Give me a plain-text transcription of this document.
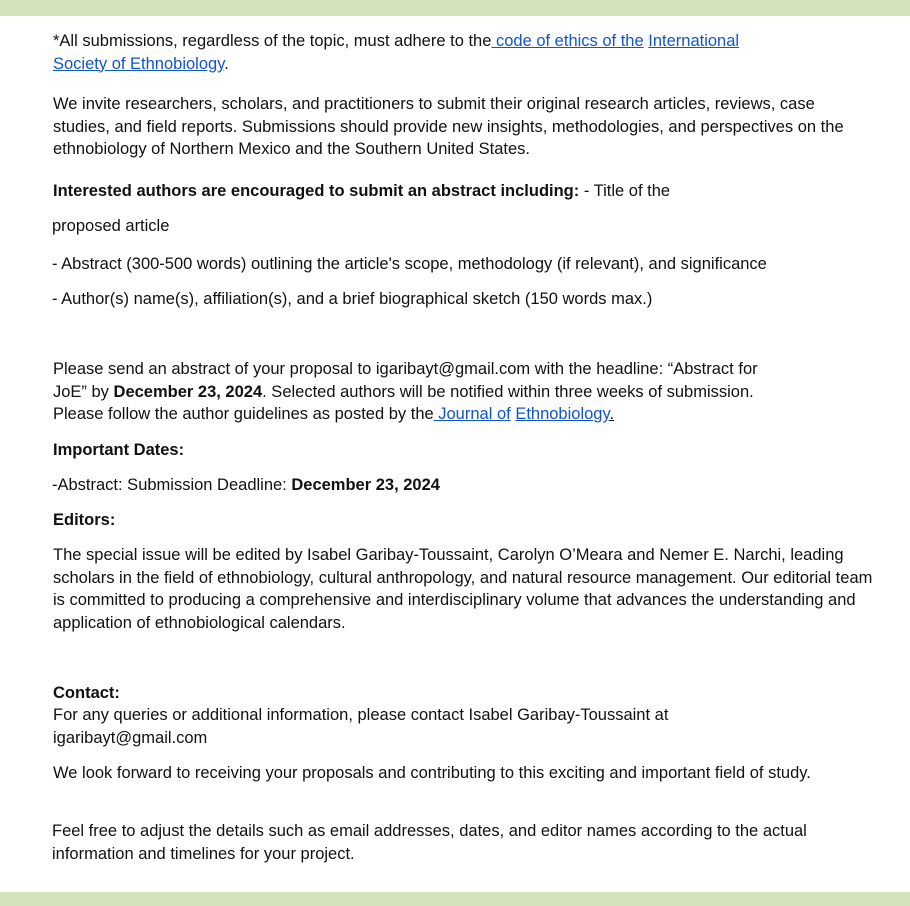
*All submissions, regardless of the topic, must adhere to the code of ethics of the International
Society of Ethnobiology.

We invite researchers, scholars, and practitioners to submit their original research articles, reviews, case studies, and field reports. Submissions should provide new insights, methodologies, and perspectives on the ethnobiology of Northern Mexico and the Southern United States.

Interested authors are encouraged to submit an abstract including: - Title of the

proposed article

- Abstract (300-500 words) outlining the article's scope, methodology (if relevant), and significance

- Author(s) name(s), affiliation(s), and a brief biographical sketch (150 words max.)

Please send an abstract of your proposal to igaribayt@gmail.com with the headline: “Abstract for
JoE” by December 23, 2024. Selected authors will be notified within three weeks of submission.
Please follow the author guidelines as posted by the Journal of Ethnobiology.

Important Dates:

-Abstract: Submission Deadline: December 23, 2024

Editors:

The special issue will be edited by Isabel Garibay-Toussaint, Carolyn O’Meara and Nemer E. Narchi, leading scholars in the field of ethnobiology, cultural anthropology, and natural resource management. Our editorial team is committed to producing a comprehensive and interdisciplinary volume that advances the understanding and application of ethnobiological calendars.

Contact:

For any queries or additional information, please contact Isabel Garibay-Toussaint at igaribayt@gmail.com

We look forward to receiving your proposals and contributing to this exciting and important field of study.

Feel free to adjust the details such as email addresses, dates, and editor names according to the actual information and timelines for your project.
